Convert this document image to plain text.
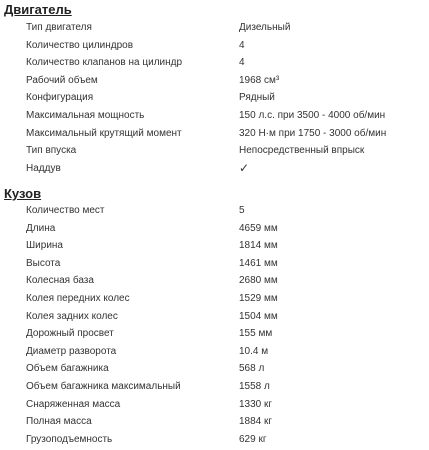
Двигатель
Тип двигателя	Дизельный
Количество цилиндров	4
Количество клапанов на цилиндр	4
Рабочий объем	1968 см³
Конфигурация	Рядный
Максимальная мощность	150 л.с. при 3500 - 4000 об/мин
Максимальный крутящий момент	320 Н·м при 1750 - 3000 об/мин
Тип впуска	Непосредственный впрыск
Наддув	✓
Кузов
Количество мест	5
Длина	4659 мм
Ширина	1814 мм
Высота	1461 мм
Колесная база	2680 мм
Колея передних колес	1529 мм
Колея задних колес	1504 мм
Дорожный просвет	155 мм
Диаметр разворота	10.4 м
Объем багажника	568 л
Объем багажника максимальный	1558 л
Снаряженная масса	1330 кг
Полная масса	1884 кг
Грузоподъемность	629 кг
